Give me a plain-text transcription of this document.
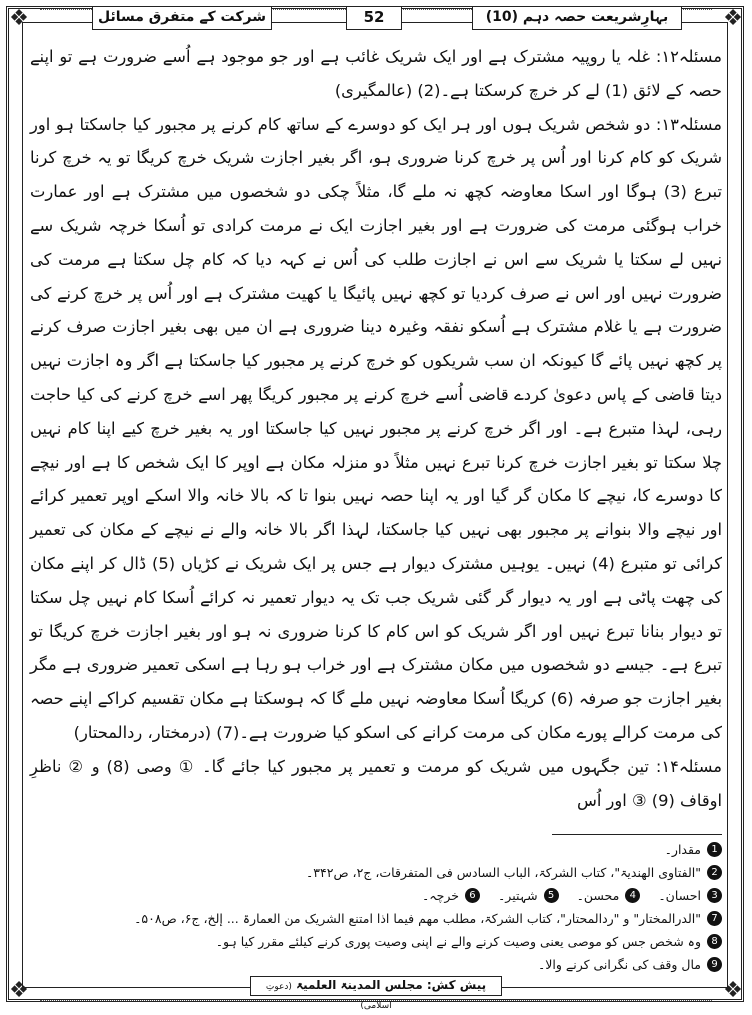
❖	❖
❖	❖
بہارِشریعت حصہ دہم (10)
52
شرکت کے متفرق مسائل

مسئلہ۱۲: غلہ یا روپیہ مشترک ہے اور ایک شریک غائب ہے اور جو موجود ہے اُسے ضرورت ہے تو اپنے حصہ کے لائق (1) لے کر خرچ کرسکتا ہے۔(2) (عالمگیری)

مسئلہ۱۳: دو شخص شریک ہوں اور ہر ایک کو دوسرے کے ساتھ کام کرنے پر مجبور کیا جاسکتا ہو اور شریک کو کام کرنا اور اُس پر خرچ کرنا ضروری ہو، اگر بغیر اجازت شریک خرچ کریگا تو یہ خرچ کرنا تبرع (3) ہوگا اور اسکا معاوضہ کچھ نہ ملے گا، مثلاً چکی دو شخصوں میں مشترک ہے اور عمارت خراب ہوگئی مرمت کی ضرورت ہے اور بغیر اجازت ایک نے مرمت کرادی تو اُسکا خرچہ شریک سے نہیں لے سکتا یا شریک سے اس نے اجازت طلب کی اُس نے کہہ دیا کہ کام چل سکتا ہے مرمت کی ضرورت نہیں اور اس نے صرف کردیا تو کچھ نہیں پائیگا یا کھیت مشترک ہے اور اُس پر خرچ کرنے کی ضرورت ہے یا غلام مشترک ہے اُسکو نفقہ وغیرہ دینا ضروری ہے ان میں بھی بغیر اجازت صرف کرنے پر کچھ نہیں پائے گا کیونکہ ان سب شریکوں کو خرچ کرنے پر مجبور کیا جاسکتا ہے اگر وہ اجازت نہیں دیتا قاضی کے پاس دعویٰ کردے قاضی اُسے خرچ کرنے پر مجبور کریگا پھر اسے خرچ کرنے کی کیا حاجت رہی، لہذا متبرع ہے۔ اور اگر خرچ کرنے پر مجبور نہیں کیا جاسکتا اور یہ بغیر خرچ کیے اپنا کام نہیں چلا سکتا تو بغیر اجازت خرچ کرنا تبرع نہیں مثلاً دو منزلہ مکان ہے اوپر کا ایک شخص کا ہے اور نیچے کا دوسرے کا، نیچے کا مکان گر گیا اور یہ اپنا حصہ نہیں بنوا تا کہ بالا خانہ والا اسکے اوپر تعمیر کرائے اور نیچے والا بنوانے پر مجبور بھی نہیں کیا جاسکتا، لہذا اگر بالا خانہ والے نے نیچے کے مکان کی تعمیر کرائی تو متبرع (4) نہیں۔ یوہیں مشترک دیوار ہے جس پر ایک شریک نے کڑیاں (5) ڈال کر اپنے مکان کی چھت پاٹی ہے اور یہ دیوار گر گئی شریک جب تک یہ دیوار تعمیر نہ کرائے اُسکا کام نہیں چل سکتا تو دیوار بنانا تبرع نہیں اور اگر شریک کو اس کام کا کرنا ضروری نہ ہو اور بغیر اجازت خرچ کریگا تو تبرع ہے۔ جیسے دو شخصوں میں مکان مشترک ہے اور خراب ہو رہا ہے اسکی تعمیر ضروری ہے مگر بغیر اجازت جو صرفہ (6) کریگا اُسکا معاوضہ نہیں ملے گا کہ ہوسکتا ہے مکان تقسیم کراکے اپنے حصہ کی مرمت کرالے پورے مکان کی مرمت کرانے کی اسکو کیا ضرورت ہے۔(7) (درمختار، ردالمحتار)

مسئلہ۱۴: تین جگہوں میں شریک کو مرمت و تعمیر پر مجبور کیا جائے گا۔ ① وصی (8) و ② ناظرِ اوقاف (9) ③ اور اُس

1
مقدار۔
2
"الفتاوی الھندیۃ"، کتاب الشرکۃ، الباب السادس فی المتفرقات، ج۲، ص۳۴۲۔
3
احسان۔
4
محسن۔
5
شہتیر۔
6
خرچہ۔
7
"الدرالمختار" و "ردالمحتار"، کتاب الشرکۃ، مطلب مھم فیما اذا امتنع الشریک من العمارۃ ... إلخ، ج۶، ص۵۰۸۔
8
وہ شخص جس کو موصی یعنی وصیت کرنے والے نے اپنی وصیت پوری کرنے کیلئے مقرر کیا ہو۔
9
مال وقف کی نگرانی کرنے والا۔
پیش کش: مجلس المدینۃ العلمیۃ (دعوتِ اسلامی)
